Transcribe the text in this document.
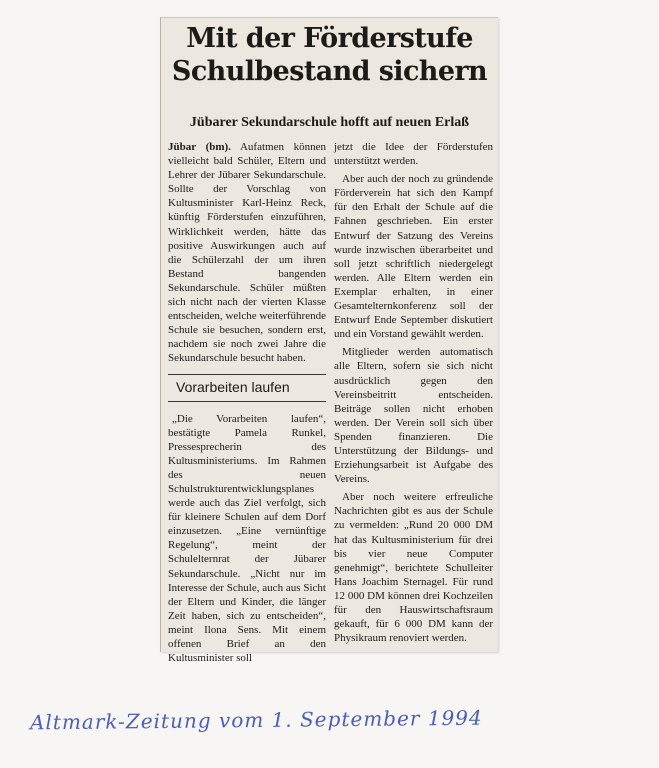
Mit der Förderstufe
Schulbestand sichern
Jübarer Sekundarschule hofft auf neuen Erlaß

Jübar (bm). Aufatmen können vielleicht bald Schüler, Eltern und Lehrer der Jübarer Sekundarschule. Sollte der Vorschlag von Kultusminister Karl-Heinz Reck, künftig Förderstufen einzuführen, Wirklichkeit werden, hätte das positive Auswirkungen auch auf die Schülerzahl der um ihren Bestand bangenden Sekundarschule. Schüler müßten sich nicht nach der vierten Klasse entscheiden, welche weiterführende Schule sie besuchen, sondern erst, nachdem sie noch zwei Jahre die Sekundarschule besucht haben.

Vorarbeiten laufen

„Die Vorarbeiten laufen“, bestätigte Pamela Runkel, Pressesprecherin des Kultusministeriums. Im Rahmen des neuen Schulstrukturentwicklungsplanes werde auch das Ziel verfolgt, sich für kleinere Schulen auf dem Dorf einzusetzen. „Eine vernünftige Regelung“, meint der Schulelternrat der Jübarer Sekundarschule. „Nicht nur im Interesse der Schule, auch aus Sicht der Eltern und Kinder, die länger Zeit haben, sich zu entscheiden“, meint Ilona Sens. Mit einem offenen Brief an den Kultusminister soll

jetzt die Idee der Förderstufen unterstützt werden.

Aber auch der noch zu gründende Förderverein hat sich den Kampf für den Erhalt der Schule auf die Fahnen geschrieben. Ein erster Entwurf der Satzung des Vereins wurde inzwischen überarbeitet und soll jetzt schriftlich niedergelegt werden. Alle Eltern werden ein Exemplar erhalten, in einer Gesamtelternkonferenz soll der Entwurf Ende September diskutiert und ein Vorstand gewählt werden.

Mitglieder werden automatisch alle Eltern, sofern sie sich nicht ausdrücklich gegen den Vereinsbeitritt entscheiden. Beiträge sollen nicht erhoben werden. Der Verein soll sich über Spenden finanzieren. Die Unterstützung der Bildungs- und Erziehungsarbeit ist Aufgabe des Vereins.

Aber noch weitere erfreuliche Nachrichten gibt es aus der Schule zu vermelden: „Rund 20 000 DM hat das Kultusministerium für drei bis vier neue Computer genehmigt“, berichtete Schulleiter Hans Joachim Sternagel. Für rund 12 000 DM können drei Kochzeilen für den Hauswirtschaftsraum gekauft, für 6 000 DM kann der Physikraum renoviert werden.

Altmark-Zeitung vom 1. September 1994
